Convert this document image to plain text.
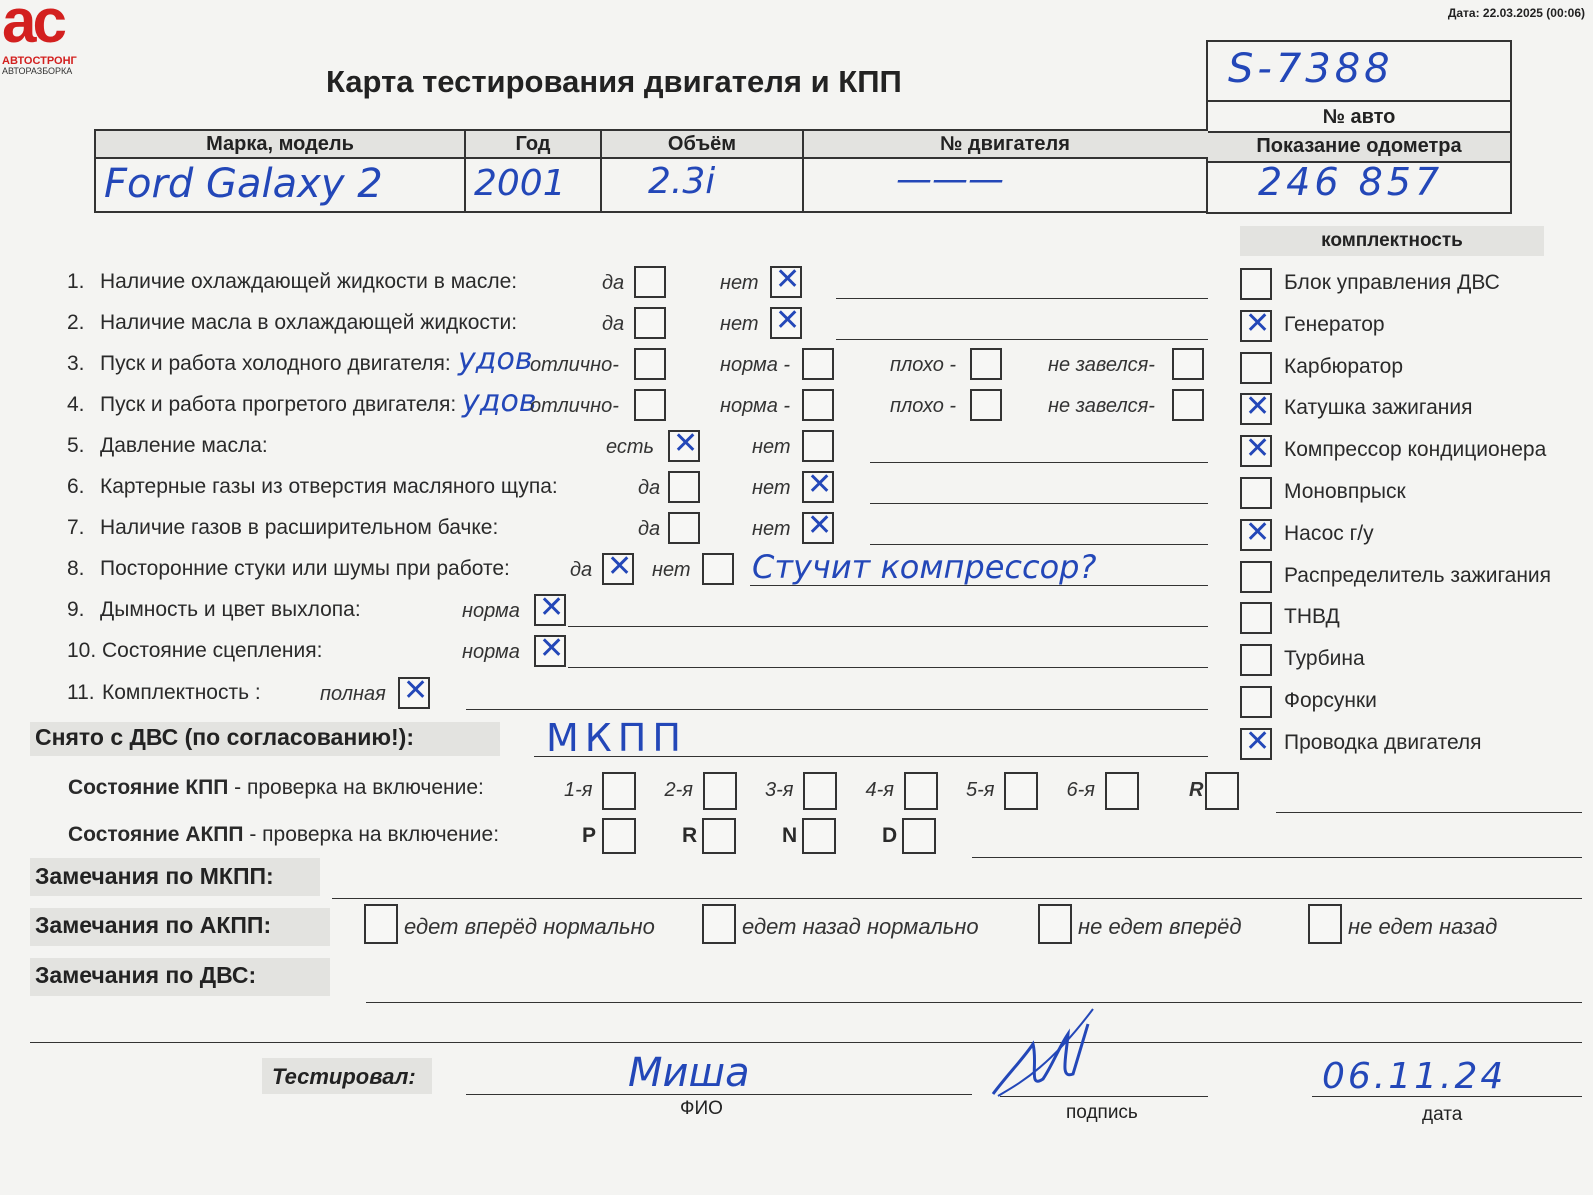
ac
АВТОСТРОНГ
АВТОРАЗБОРКА
Дата: 22.03.2025 (00:06)
Карта тестирования двигателя и КПП	S-7388
№ авто
Показание одометра
246 857
Марка, модель	Год	Объём	№ двигателя
Ford Galaxy 2	2001 2.3i	———
комплектность
Блок управления ДВС
✕ Генератор
Карбюратор
✕ Катушка зажигания
✕ Компрессор кондиционера
Моновпрыск
✕ Насос г/у
Распределитель зажигания
ТНВД
Турбина
Форсунки
✕ Проводка двигателя
1. Наличие охлаждающей жидкости в масле:	да	нет ✕
2. Наличие масла в охлаждающей жидкости:	да	нет ✕
3. Пуск и работа холодного двигателя: удов
отлично-	норма -	плохо -	не завелся-
4. Пуск и работа прогретого двигателя: удов
отлично-	норма -	плохо -	не завелся-
5. Давление масла:	есть ✕	нет
6. Картерные газы из отверстия масляного щупа:	да	нет ✕
7. Наличие газов в расширительном бачке:	да	нет ✕
8. Посторонние стуки или шумы при работе:	да ✕ нет Стучит компрессор?
9. Дымность и цвет выхлопа:	норма ✕
10. Состояние сцепления:	норма ✕
11. Комплектность :	полная ✕
Снято с ДВС (по согласованию!):	МКПП
Состояние КПП - проверка на включение:	1-я	2-я	3-я	4-я	5-я	6-я	R
Состояние АКПП - проверка на включение:	P	R	N	D
Замечания по МКПП:
Замечания по АКПП:	едет вперёд нормально	едет назад нормально	не едет вперёд	не едет назад
Замечания по ДВС:
Тестировал:	Миша
ФИО	подпись
06.11.24
дата
